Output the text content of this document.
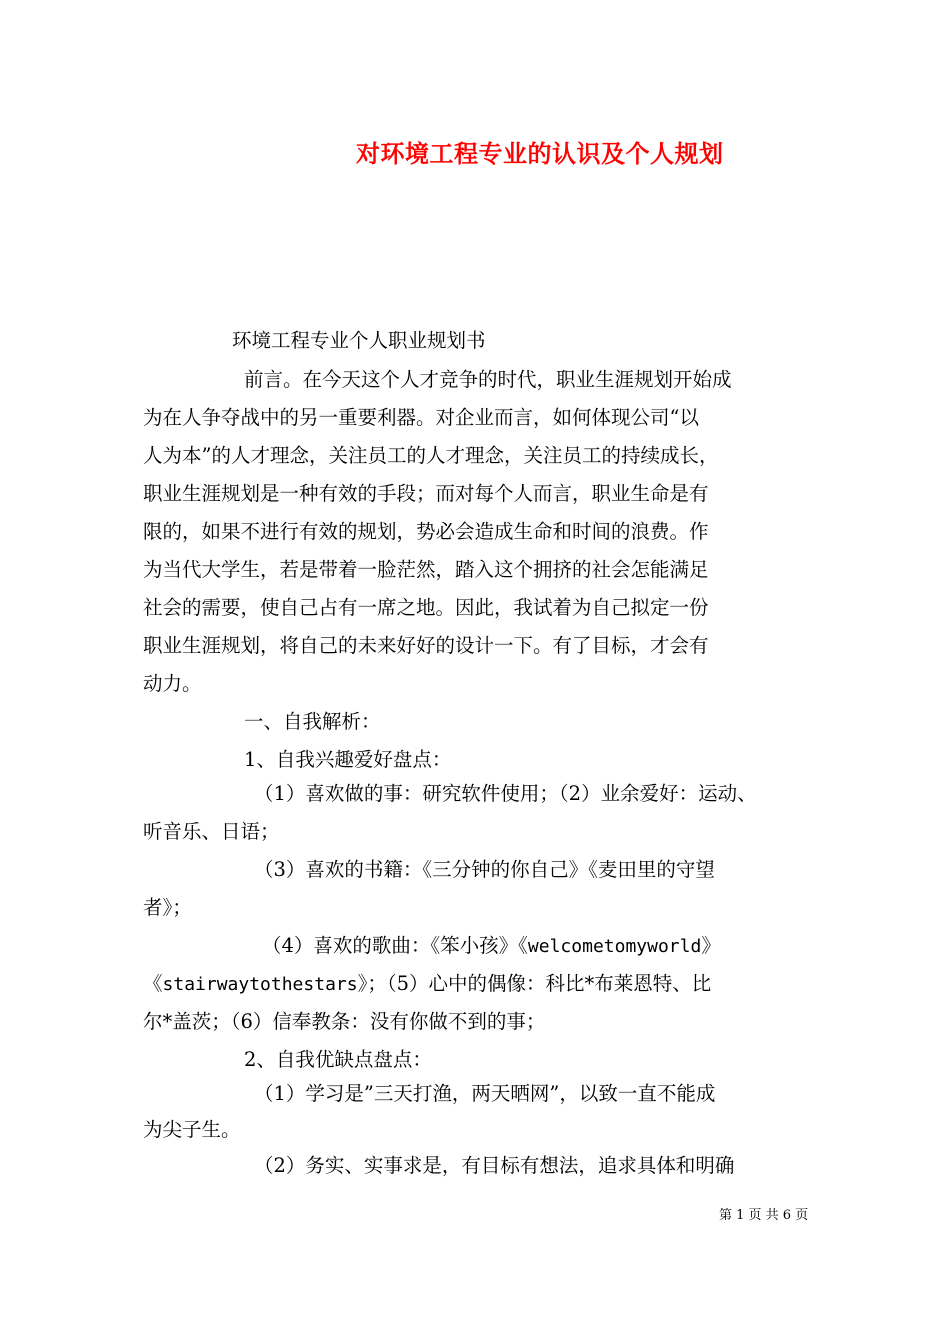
对环境工程专业的认识及个人规划
环境工程专业个人职业规划书
前言。在今天这个人才竞争的时代，职业生涯规划开始成
为在人争夺战中的另一重要利器。对企业而言，如何体现公司“以
人为本”的人才理念，关注员工的人才理念，关注员工的持续成长，
职业生涯规划是一种有效的手段；而对每个人而言，职业生命是有
限的，如果不进行有效的规划，势必会造成生命和时间的浪费。作
为当代大学生，若是带着一脸茫然，踏入这个拥挤的社会怎能满足
社会的需要，使自己占有一席之地。因此，我试着为自己拟定一份
职业生涯规划，将自己的未来好好的设计一下。有了目标，才会有
动力。
一、自我解析：
1、自我兴趣爱好盘点：
（1）喜欢做的事：研究软件使用；（2）业余爱好：运动、
听音乐、日语；
（3）喜欢的书籍：《三分钟的你自己》《麦田里的守望
者》；
（4）喜欢的歌曲：《笨小孩》《welcometomyworld》
《stairwaytothestars》；（5）心中的偶像：科比*布莱恩特、比
尔*盖茨；（6）信奉教条：没有你做不到的事；
2、自我优缺点盘点：
（1）学习是”三天打渔，两天晒网”，以致一直不能成
为尖子生。
（2）务实、实事求是，有目标有想法，追求具体和明确
第 1 页 共 6 页
